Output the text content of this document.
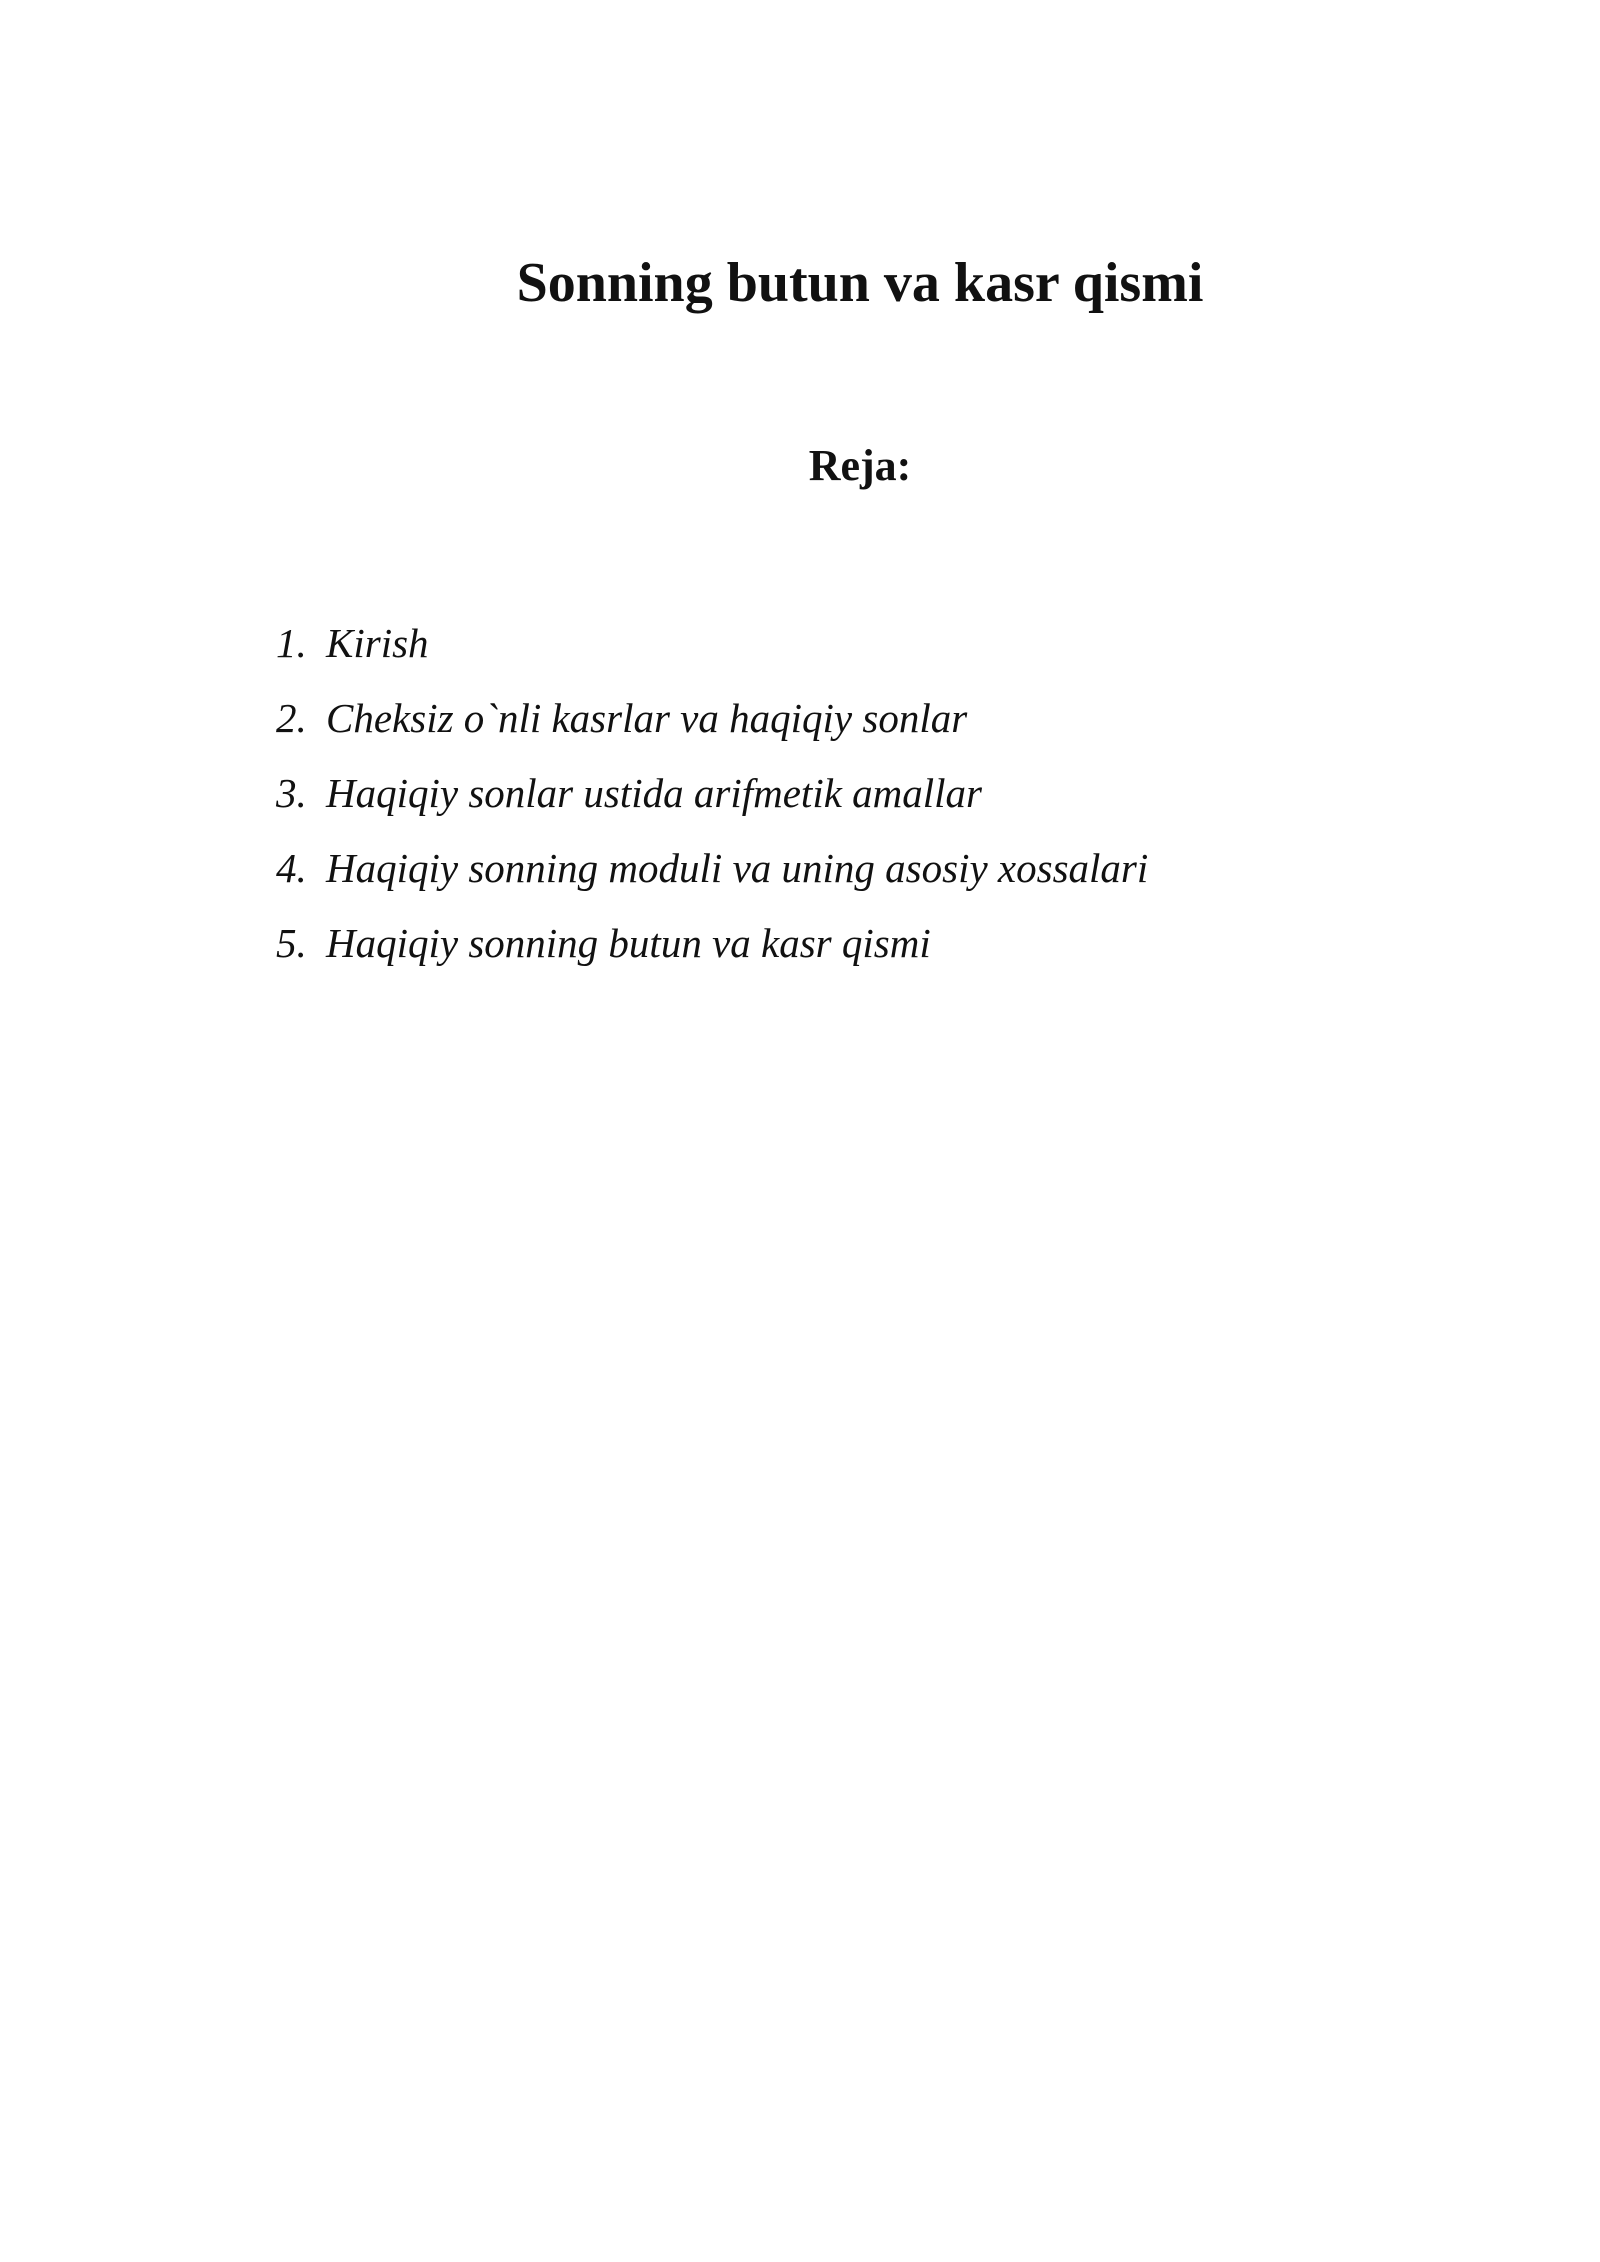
Sonning butun va kasr qismi
Reja:
1. Kirish
2. Cheksiz o`nli kasrlar va haqiqiy sonlar
3. Haqiqiy sonlar ustida arifmetik amallar
4. Haqiqiy sonning moduli va uning asosiy xossalari
5. Haqiqiy sonning butun va kasr qismi
